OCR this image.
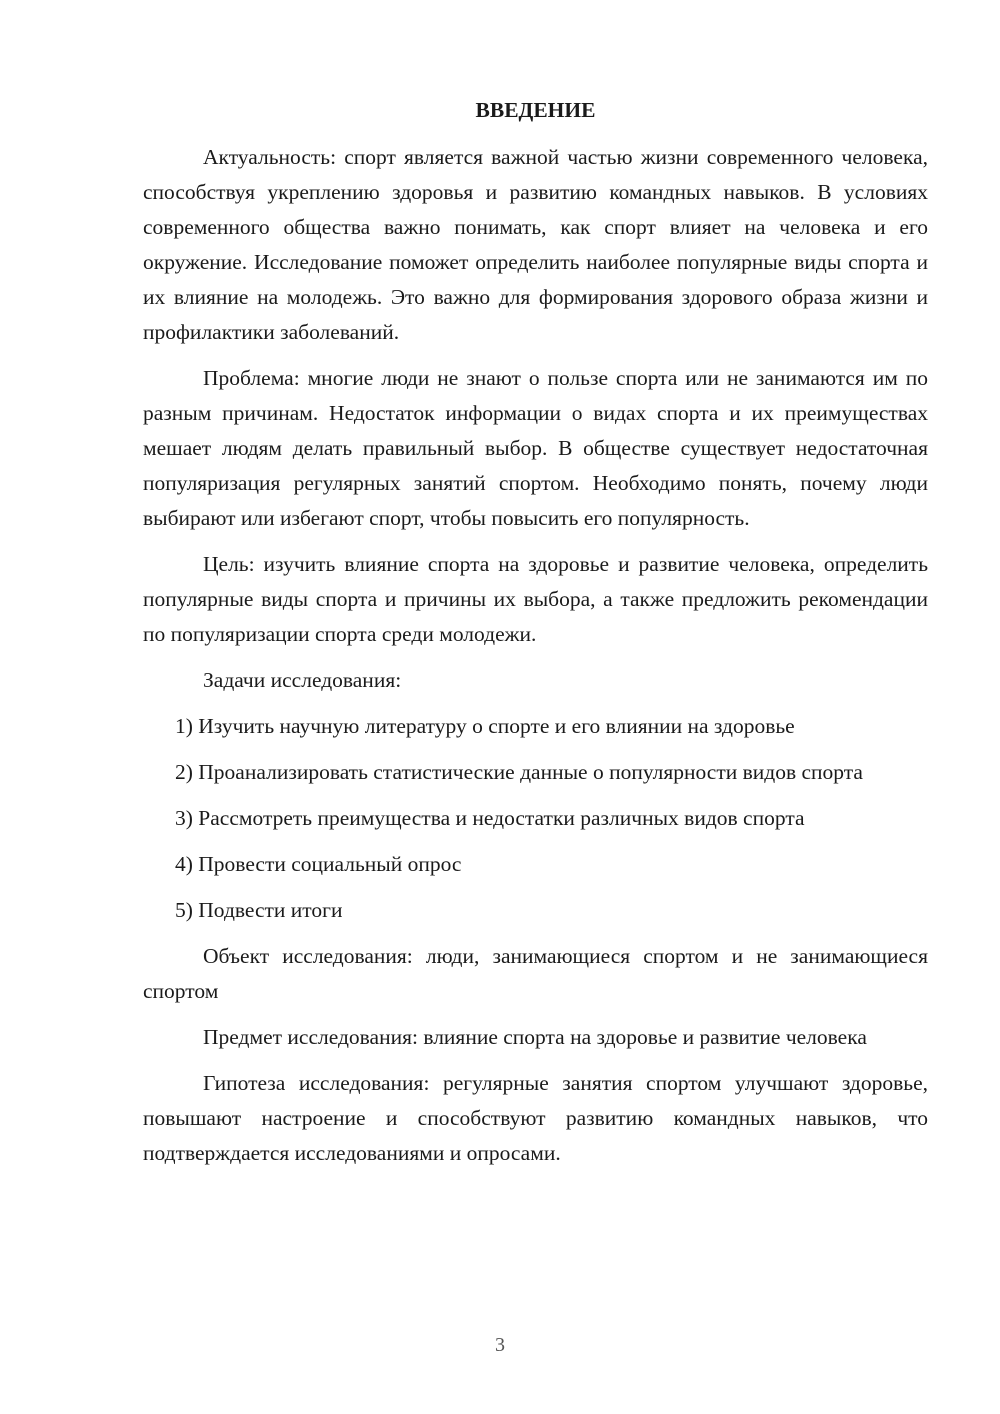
ВВЕДЕНИЕ

Актуальность: спорт является важной частью жизни современного человека, способствуя укреплению здоровья и развитию командных навыков. В условиях современного общества важно понимать, как спорт влияет на человека и его окружение. Исследование поможет определить наиболее популярные виды спорта и их влияние на молодежь. Это важно для формирования здорового образа жизни и профилактики заболеваний.

Проблема: многие люди не знают о пользе спорта или не занимаются им по разным причинам. Недостаток информации о видах спорта и их преимуществах мешает людям делать правильный выбор. В обществе существует недостаточная популяризация регулярных занятий спортом. Необходимо понять, почему люди выбирают или избегают спорт, чтобы повысить его популярность.

Цель: изучить влияние спорта на здоровье и развитие человека, определить популярные виды спорта и причины их выбора, а также предложить рекомендации по популяризации спорта среди молодежи.

Задачи исследования:

1) Изучить научную литературу о спорте и его влиянии на здоровье

2) Проанализировать статистические данные о популярности видов спорта

3) Рассмотреть преимущества и недостатки различных видов спорта

4) Провести социальный опрос

5) Подвести итоги

Объект исследования: люди, занимающиеся спортом и не занимающиеся спортом

Предмет исследования: влияние спорта на здоровье и развитие человека

Гипотеза исследования: регулярные занятия спортом улучшают здоровье, повышают настроение и способствуют развитию командных навыков, что подтверждается исследованиями и опросами.

3
